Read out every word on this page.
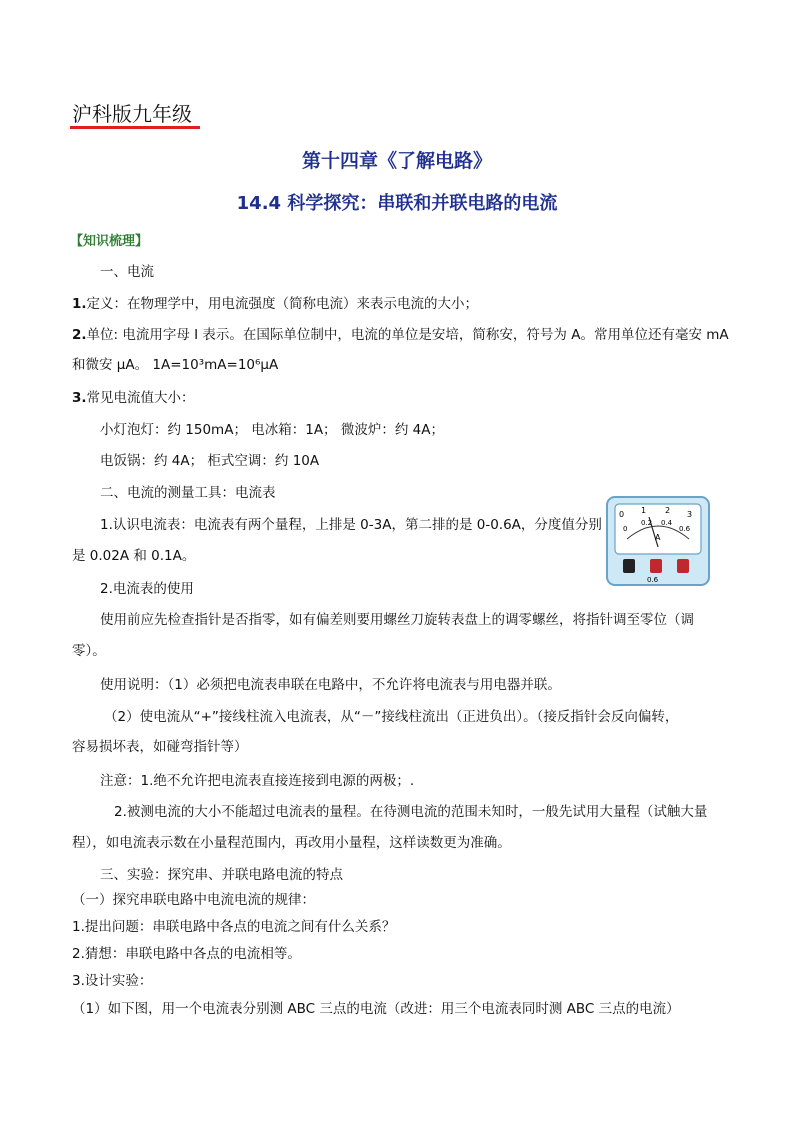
沪科版九年级
第十四章《了解电路》
14.4 科学探究：串联和并联电路的电流
【知识梳理】
一、电流
1.定义：在物理学中，用电流强度（简称电流）来表示电流的大小；
2.单位: 电流用字母 I 表示。在国际单位制中，电流的单位是安培，简称安，符号为 A。常用单位还有毫安 mA
和微安 μA。 1A=10³mA=10⁶μA
3.常见电流值大小：
小灯泡灯：约 150mA； 电冰箱：1A； 微波炉：约 4A；
电饭锅：约 4A； 柜式空调：约 10A
二、电流的测量工具：电流表
1.认识电流表：电流表有两个量程，上排是 0-3A，第二排的是 0-0.6A，分度值分别
是 0.02A 和 0.1A。
2.电流表的使用
使用前应先检查指针是否指零，如有偏差则要用螺丝刀旋转表盘上的调零螺丝，将指针调至零位（调
零）。
使用说明：（1）必须把电流表串联在电路中，不允许将电流表与用电器并联。
（2）使电流从“+”接线柱流入电流表，从“－”接线柱流出（正进负出）。（接反指针会反向偏转，
容易损坏表，如碰弯指针等）
注意：1.绝不允许把电流表直接连接到电源的两极；.
2.被测电流的大小不能超过电流表的量程。在待测电流的范围未知时，一般先试用大量程（试触大量
程），如电流表示数在小量程范围内，再改用小量程，这样读数更为准确。
三、实验：探究串、并联电路电流的特点
（一）探究串联电路中电流电流的规律：
1.提出问题：串联电路中各点的电流之间有什么关系？
2.猜想：串联电路中各点的电流相等。
3.设计实验：
（1）如下图，用一个电流表分别测 ABC 三点的电流（改进：用三个电流表同时测 ABC 三点的电流）
0 1 2 3
0
0.2 0.4
0.6
A
0.6
